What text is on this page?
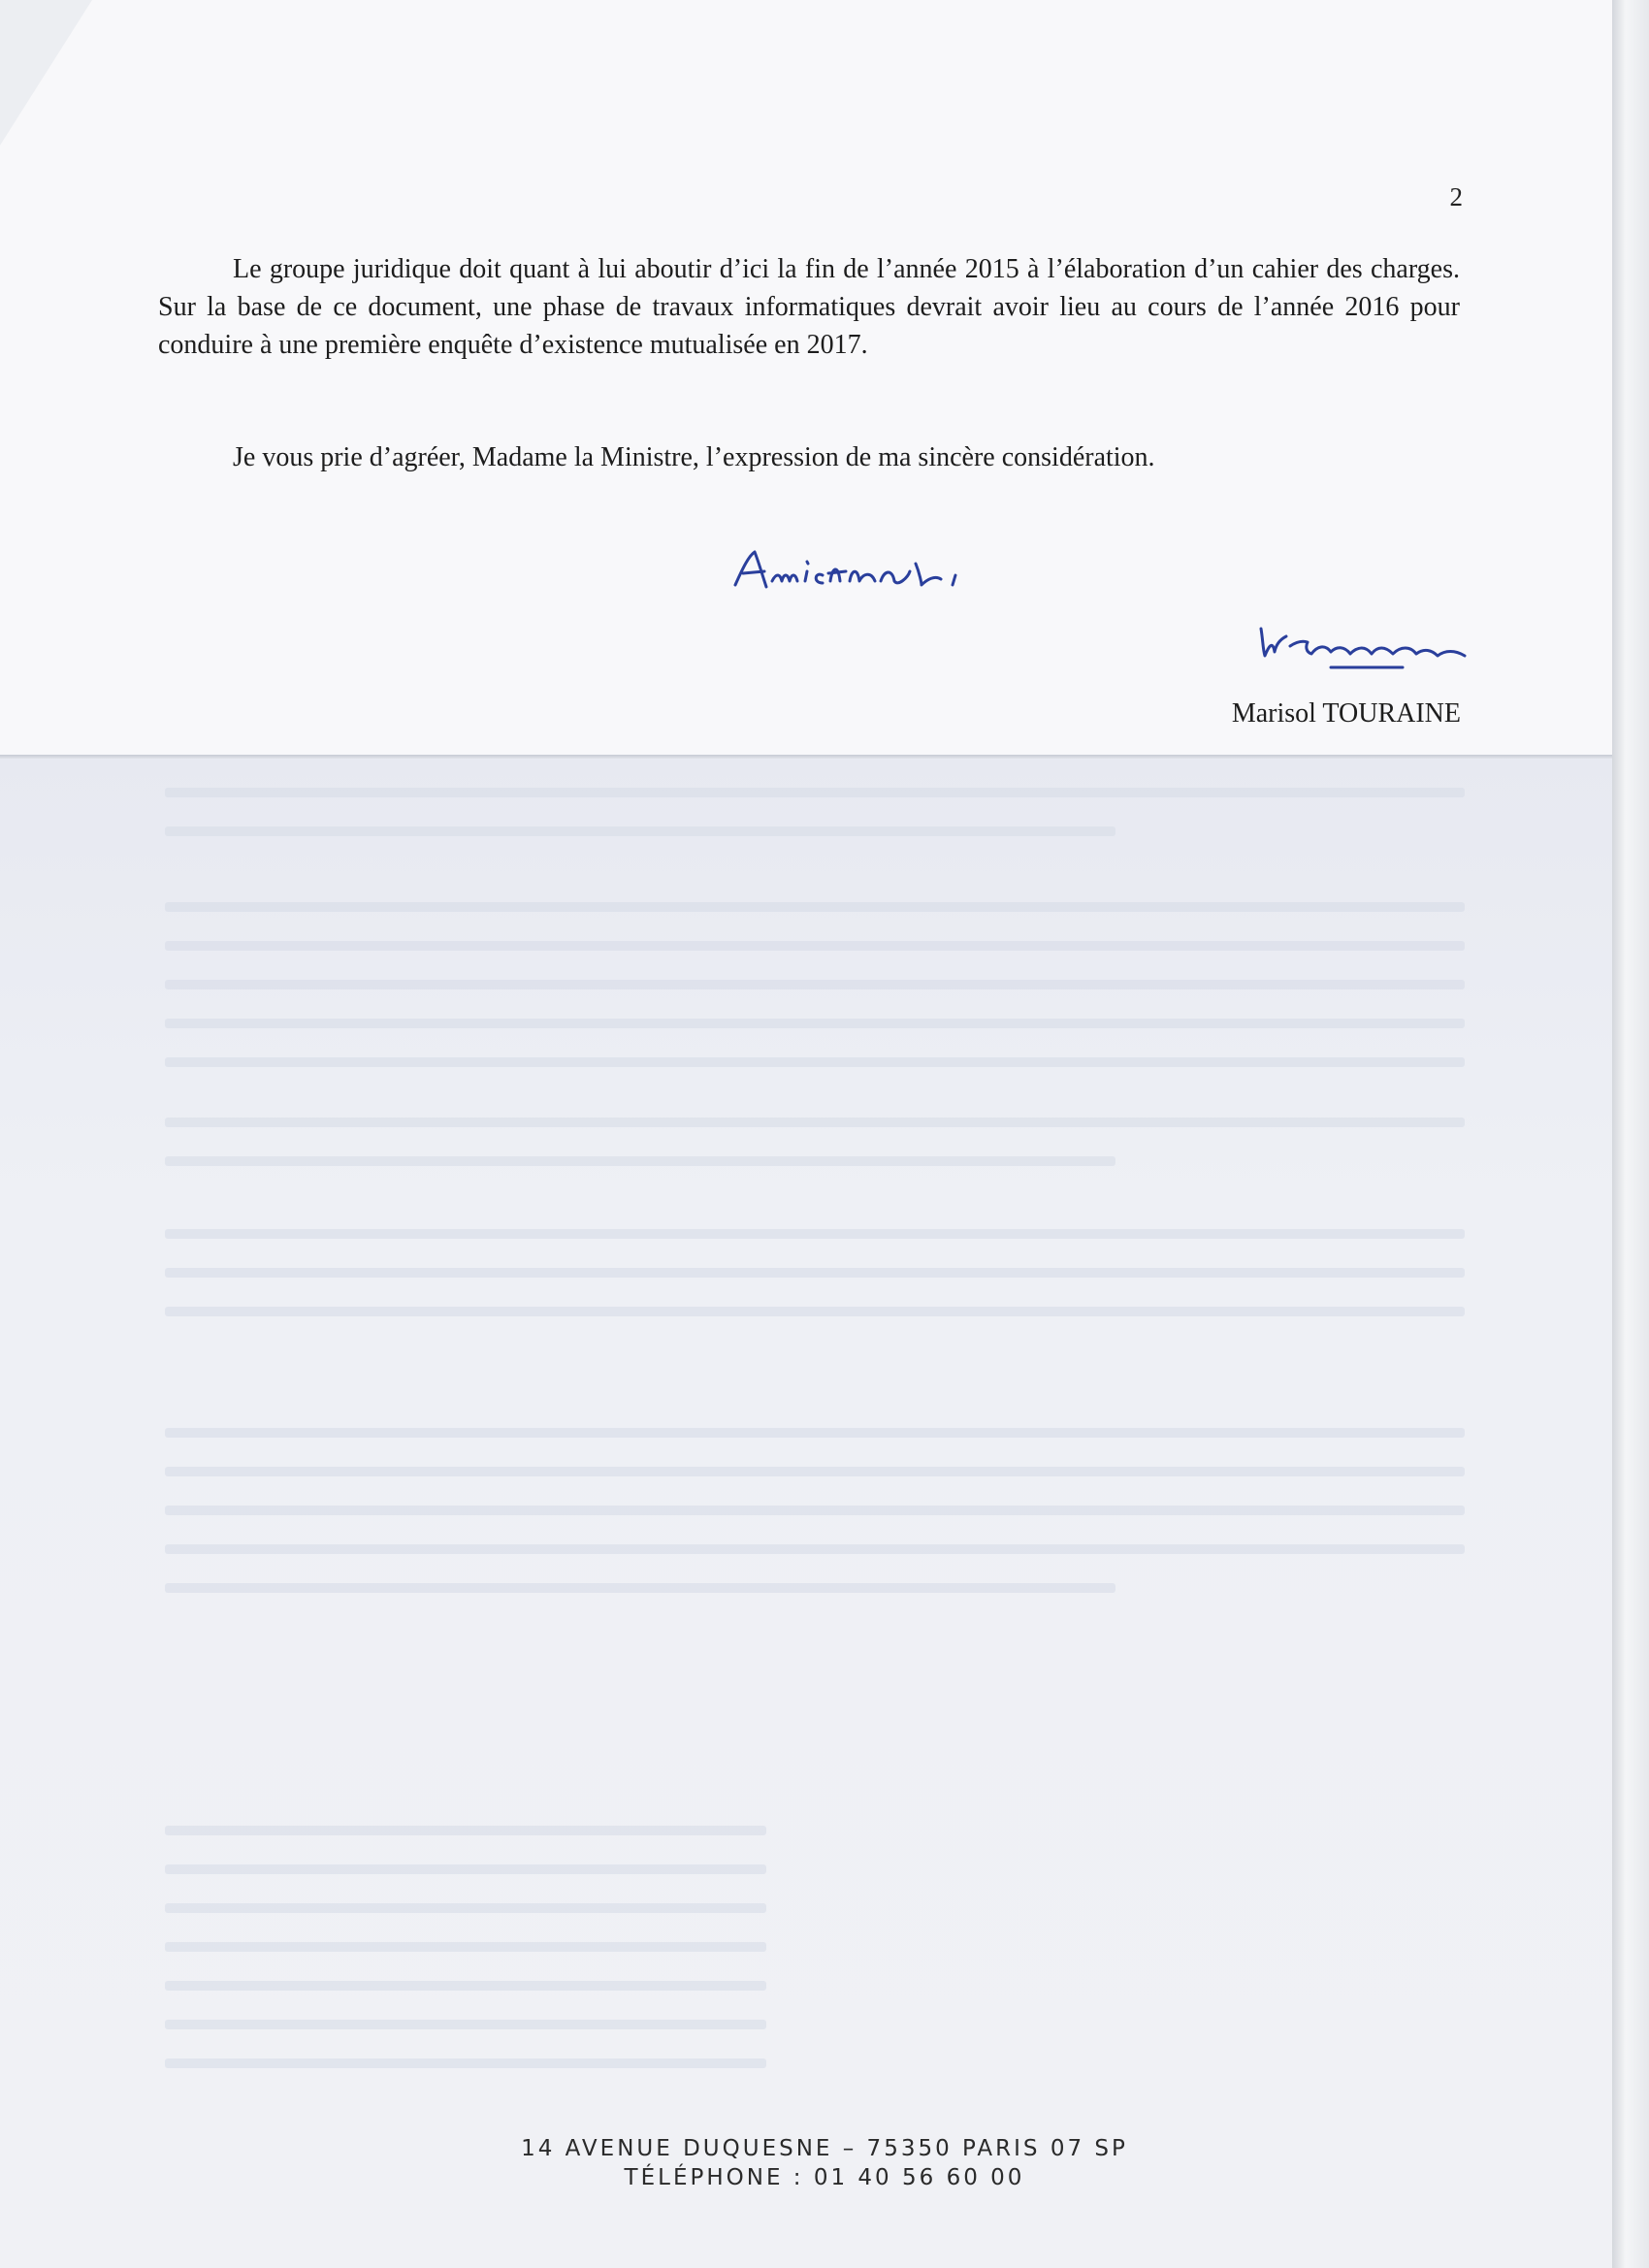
2

Le groupe juridique doit quant à lui aboutir d’ici la fin de l’année 2015 à l’élaboration d’un cahier des charges. Sur la base de ce document, une phase de travaux informatiques devrait avoir lieu au cours de l’année 2016 pour conduire à une première enquête d’existence mutualisée en 2017.

Je vous prie d’agréer, Madame la Ministre, l’expression de ma sincère considération.

Marisol TOURAINE
14 AVENUE DUQUESNE – 75350 PARIS 07 SP
TÉLÉPHONE : 01 40 56 60 00
